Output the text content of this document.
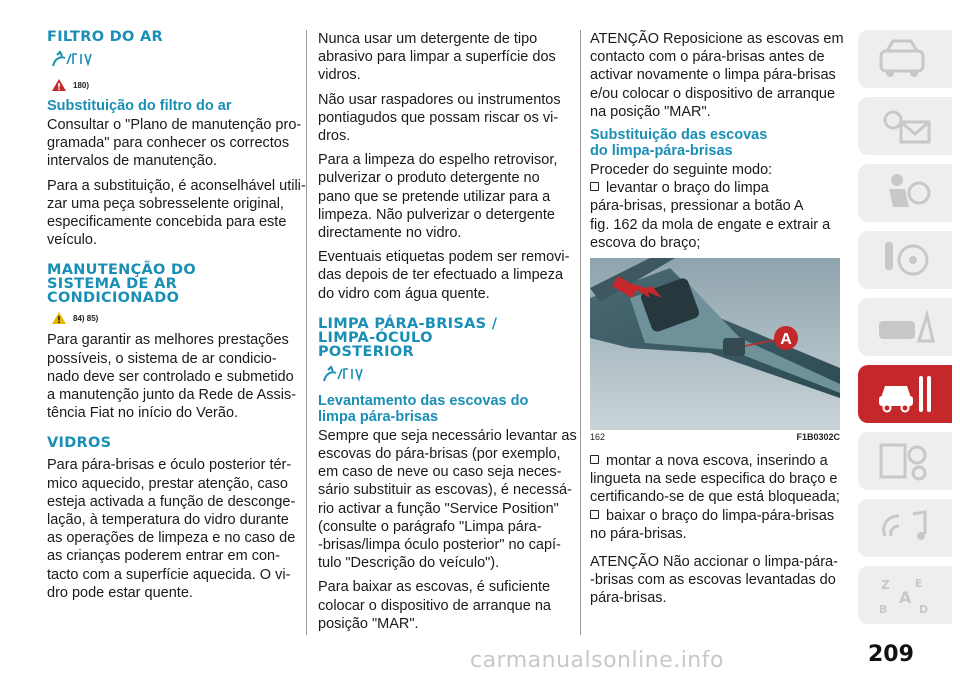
FILTRO DO AR
180)
Substituição do filtro do ar

Consultar o "Plano de manutenção pro-
gramada" para conhecer os correctos
intervalos de manutenção.

Para a substituição, é aconselhável utili-
zar uma peça sobresselente original,
especificamente concebida para este
veículo.

MANUTENÇÃO DO
SISTEMA DE AR
CONDICIONADO
84) 85)

Para garantir as melhores prestações
possíveis, o sistema de ar condicio-
nado deve ser controlado e submetido
a manutenção junto da Rede de Assis-
tência Fiat no início do Verão.

VIDROS

Para pára-brisas e óculo posterior tér-
mico aquecido, prestar atenção, caso
esteja activada a função de desconge-
lação, à temperatura do vidro durante
as operações de limpeza e no caso de
as crianças poderem entrar em con-
tacto com a superfície aquecida. O vi-
dro pode estar quente.

Nunca usar um detergente de tipo
abrasivo para limpar a superfície dos
vidros.

Não usar raspadores ou instrumentos
pontiagudos que possam riscar os vi-
dros.

Para a limpeza do espelho retrovisor,
pulverizar o produto detergente no
pano que se pretende utilizar para a
limpeza. Não pulverizar o detergente
directamente no vidro.

Eventuais etiquetas podem ser removi-
das depois de ter efectuado a limpeza
do vidro com água quente.

LIMPA PÁRA-BRISAS /
LIMPA-ÓCULO
POSTERIOR
Levantamento das escovas do
limpa pára-brisas

Sempre que seja necessário levantar as
escovas do pára-brisas (por exemplo,
em caso de neve ou caso seja neces-
sário substituir as escovas), é necessá-
rio activar a função "Service Position"
(consulte o parágrafo "Limpa pára-
-brisas/limpa óculo posterior" no capí-
tulo "Descrição do veículo").

Para baixar as escovas, é suficiente
colocar o dispositivo de arranque na
posição "MAR".

ATENÇÃO Reposicione as escovas em
contacto com o pára-brisas antes de
activar novamente o limpa pára-brisas
e/ou colocar o dispositivo de arranque
na posição "MAR".

Substituição das escovas
do limpa-pára-brisas

Proceder do seguinte modo:

levantar o braço do limpa
pára-brisas, pressionar a botão A
fig. 162 da mola de engate e extrair a
escova do braço;

A
162	F1B0302C

montar a nova escova, inserindo a
lingueta na sede especifica do braço e
certificando-se de que está bloqueada;

baixar o braço do limpa-pára-brisas
no pára-brisas.

ATENÇÃO Não accionar o limpa-pára-
-brisas com as escovas levantadas do
pára-brisas.

Z E
A
B	D
carmanualsonline.info	209
